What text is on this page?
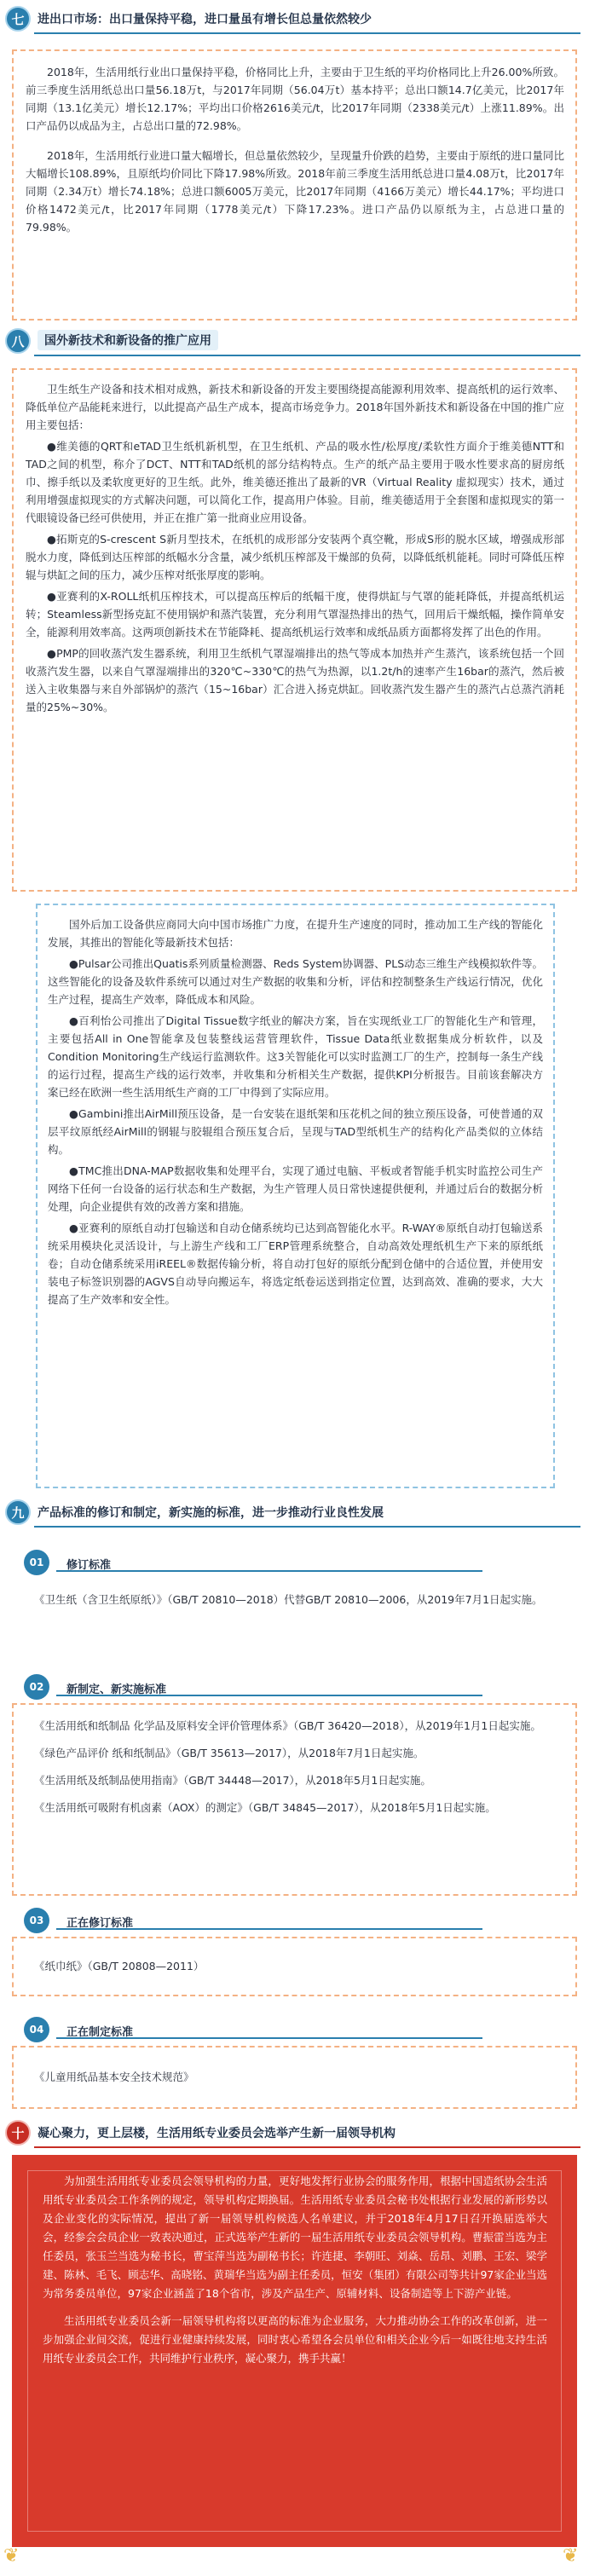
七	进出口市场：出口量保持平稳，进口量虽有增长但总量依然较少

2018年，生活用纸行业出口量保持平稳，价格同比上升，主要由于卫生纸的平均价格同比上升26.00%所致。前三季度生活用纸总出口量56.18万t，与2017年同期（56.04万t）基本持平；总出口额14.7亿美元，比2017年同期（13.1亿美元）增长12.17%；平均出口价格2616美元/t，比2017年同期（2338美元/t）上涨11.89%。出口产品仍以成品为主，占总出口量的72.98%。

2018年，生活用纸行业进口量大幅增长，但总量依然较少，呈现量升价跌的趋势，主要由于原纸的进口量同比大幅增长108.89%，且原纸均价同比下降17.98%所致。2018年前三季度生活用纸总进口量4.08万t，比2017年同期（2.34万t）增长74.18%；总进口额6005万美元，比2017年同期（4166万美元）增长44.17%；平均进口价格1472美元/t，比2017年同期（1778美元/t）下降17.23%。进口产品仍以原纸为主，占总进口量的79.98%。

八	国外新技术和新设备的推广应用

卫生纸生产设备和技术相对成熟，新技术和新设备的开发主要围绕提高能源利用效率、提高纸机的运行效率、降低单位产品能耗来进行，以此提高产品生产成本，提高市场竞争力。2018年国外新技术和新设备在中国的推广应用主要包括：

●维美德的QRT和eTAD卫生纸机新机型，在卫生纸机、产品的吸水性/松厚度/柔软性方面介于维美德NTT和TAD之间的机型，称介了DCT、NTT和TAD纸机的部分结构特点。生产的纸产品主要用于吸水性要求高的厨房纸巾、擦手纸以及柔软度更好的卫生纸。此外，维美德还推出了最新的VR（Virtual Reality 虚拟现实）技术，通过利用增强虚拟现实的方式解决问题，可以简化工作，提高用户体验。目前，维美德适用于全套图和虚拟现实的第一代眼镜设备已经可供使用，并正在推广第一批商业应用设备。

●拓斯克的S-crescent S新月型技术，在纸机的成形部分安装两个真空靴，形成S形的脱水区域，增强成形部脱水力度，降低到达压榨部的纸幅水分含量，减少纸机压榨部及干燥部的负荷，以降低纸机能耗。同时可降低压榨辊与烘缸之间的压力，减少压榨对纸张厚度的影响。

●亚赛利的X-ROLL纸机压榨技术，可以提高压榨后的纸幅干度，使得烘缸与气罩的能耗降低，并提高纸机运转；Steamless新型扬克缸不使用锅炉和蒸汽装置，充分利用气罩湿热排出的热气，回用后干燥纸幅，操作简单安全，能源利用效率高。这两项创新技术在节能降耗、提高纸机运行效率和成纸品质方面都将发挥了出色的作用。

●PMP的回收蒸汽发生器系统，利用卫生纸机气罩湿端排出的热气等成本加热并产生蒸汽，该系统包括一个回收蒸汽发生器，以来自气罩湿端排出的320℃~330℃的热气为热源，以1.2t/h的速率产生16bar的蒸汽，然后被送入主收集器与来自外部锅炉的蒸汽（15~16bar）汇合进入扬克烘缸。回收蒸汽发生器产生的蒸汽占总蒸汽消耗量的25%~30%。

国外后加工设备供应商同大向中国市场推广力度，在提升生产速度的同时，推动加工生产线的智能化发展，其推出的智能化等最新技术包括：

●Pulsar公司推出Quatis系列质量检测器、Reds System协调器、PLS动态三维生产线模拟软件等。这些智能化的设备及软件系统可以通过对生产数据的收集和分析，评估和控制整条生产线运行情况，优化生产过程，提高生产效率，降低成本和风险。

●百利怡公司推出了Digital Tissue数字纸业的解决方案，旨在实现纸业工厂的智能化生产和管理，主要包括All in One智能拿及包装整线运营管理软件，Tissue Data纸业数据集成分析软件，以及Condition Monitoring生产线运行监测软件。这3关智能化可以实时监测工厂的生产，控制每一条生产线的运行过程，提高生产线的运行效率，并收集和分析相关生产数据，提供KPI分析报告。目前该套解决方案已经在欧洲一些生活用纸生产商的工厂中得到了实际应用。

●Gambini推出AirMill预压设备，是一台安装在退纸架和压花机之间的独立预压设备，可使普通的双层平纹原纸经AirMill的钢辊与胶辊组合预压复合后，呈现与TAD型纸机生产的结构化产品类似的立体结构。

●TMC推出DNA-MAP数据收集和处理平台，实现了通过电脑、平板或者智能手机实时监控公司生产网络下任何一台设备的运行状态和生产数据，为生产管理人员日常快速提供便利，并通过后台的数据分析处理，向企业提供有效的改善方案和措施。

●亚赛利的原纸自动打包输送和自动仓储系统均已达到高智能化水平。R-WAY®原纸自动打包输送系统采用模块化灵活设计，与上游生产线和工厂ERP管理系统整合，自动高效处理纸机生产下来的原纸纸卷；自动仓储系统采用iREEL®数据传输分析，将自动打包好的原纸分配到仓储中的合适位置，并使用安装电子标签识别器的AGVS自动导向搬运车，将选定纸卷运送到指定位置，达到高效、准确的要求，大大提高了生产效率和安全性。

九	产品标准的修订和制定，新实施的标准，进一步推动行业良性发展
01	修订标准
《卫生纸（含卫生纸原纸）》（GB/T 20810—2018）代替GB/T 20810—2006，从2019年7月1日起实施。
02	新制定、新实施标准
《生活用纸和纸制品 化学品及原料安全评价管理体系》（GB/T 36420—2018），从2019年1月1日起实施。
《绿色产品评价 纸和纸制品》（GB/T 35613—2017），从2018年7月1日起实施。
《生活用纸及纸制品使用指南》（GB/T 34448—2017），从2018年5月1日起实施。
《生活用纸可吸附有机卤素（AOX）的测定》（GB/T 34845—2017），从2018年5月1日起实施。
03	正在修订标准
《纸巾纸》（GB/T 20808—2011）
04	正在制定标准
《儿童用纸品基本安全技术规范》
十	凝心聚力，更上层楼，生活用纸专业委员会选举产生新一届领导机构

为加强生活用纸专业委员会领导机构的力量，更好地发挥行业协会的服务作用，根据中国造纸协会生活用纸专业委员会工作条例的规定，领导机构定期换届。生活用纸专业委员会秘书处根据行业发展的新形势以及企业变化的实际情况，提出了新一届领导机构候选人名单建议，并于2018年4月17日召开换届选举大会，经参会会员企业一致表决通过，正式选举产生新的一届生活用纸专业委员会领导机构。曹振雷当选为主任委员，张玉兰当选为秘书长，曹宝萍当选为副秘书长；许连捷、李朝旺、刘焱、岳昂、刘鹏、王宏、梁学建、陈林、毛飞、顾志华、高晓铭、黄瑞华当选为副主任委员，恒安（集团）有限公司等共计97家企业当选为常务委员单位，97家企业涵盖了18个省市，涉及产品生产、原辅材料、设备制造等上下游产业链。

生活用纸专业委员会新一届领导机构将以更高的标准为企业服务，大力推动协会工作的改革创新，进一步加强企业间交流，促进行业健康持续发展，同时衷心希望各会员单位和相关企业今后一如既往地支持生活用纸专业委员会工作，共同维护行业秩序，凝心聚力，携手共赢！

❦	❦
